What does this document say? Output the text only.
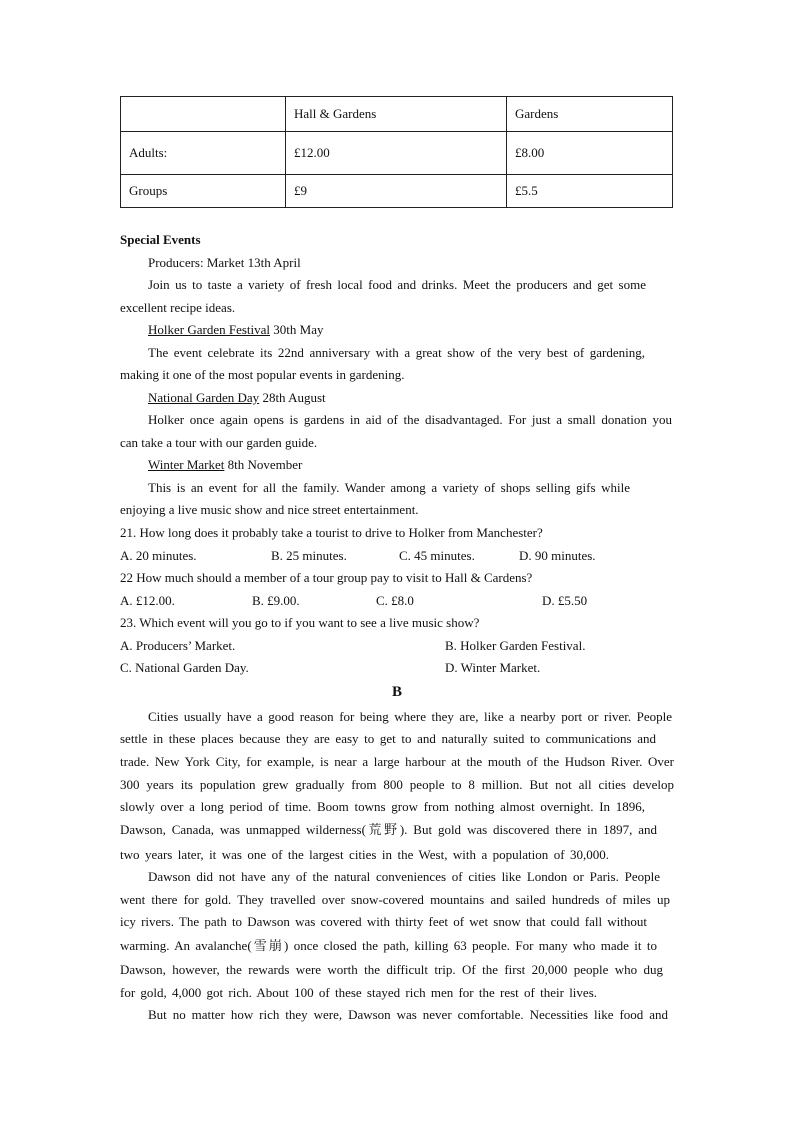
	Hall & Gardens	Gardens
Adults:	£12.00	£8.00
Groups	£9	£5.5
Special Events
Producers: Market 13th April
Join us to taste a variety of fresh local food and drinks. Meet the producers and get some
excellent recipe ideas.
Holker Garden Festival 30th May
The event celebrate its 22nd anniversary with a great show of the very best of gardening,
making it one of the most popular events in gardening.
National Garden Day 28th August
Holker once again opens is gardens in aid of the disadvantaged. For just a small donation you
can take a tour with our garden guide.
Winter Market 8th November
This is an event for all the family. Wander among a variety of shops selling gifs while
enjoying a live music show and nice street entertainment.
21. How long does it probably take a tourist to drive to Holker from Manchester?
A. 20 minutes.	B. 25 minutes.	C. 45 minutes.	D. 90 minutes.
22 How much should a member of a tour group pay to visit to Hall & Cardens?
A. £12.00.	B. £9.00.	C. £8.0	D. £5.50
23. Which event will you go to if you want to see a live music show?
A. Producers’ Market.	B. Holker Garden Festival.
C. National Garden Day.	D. Winter Market.
B
Cities usually have a good reason for being where they are, like a nearby port or river. People
settle in these places because they are easy to get to and naturally suited to communications and
trade. New York City, for example, is near a large harbour at the mouth of the Hudson River. Over
300 years its population grew gradually from 800 people to 8 million. But not all cities develop
slowly over a long period of time. Boom towns grow from nothing almost overnight. In 1896,
Dawson, Canada, was unmapped wilderness(荒野). But gold was discovered there in 1897, and
two years later, it was one of the largest cities in the West, with a population of 30,000.
Dawson did not have any of the natural conveniences of cities like London or Paris. People
went there for gold. They travelled over snow-covered mountains and sailed hundreds of miles up
icy rivers. The path to Dawson was covered with thirty feet of wet snow that could fall without
warming. An avalanche(雪崩) once closed the path, killing 63 people. For many who made it to
Dawson, however, the rewards were worth the difficult trip. Of the first 20,000 people who dug
for gold, 4,000 got rich. About 100 of these stayed rich men for the rest of their lives.
But no matter how rich they were, Dawson was never comfortable. Necessities like food and
